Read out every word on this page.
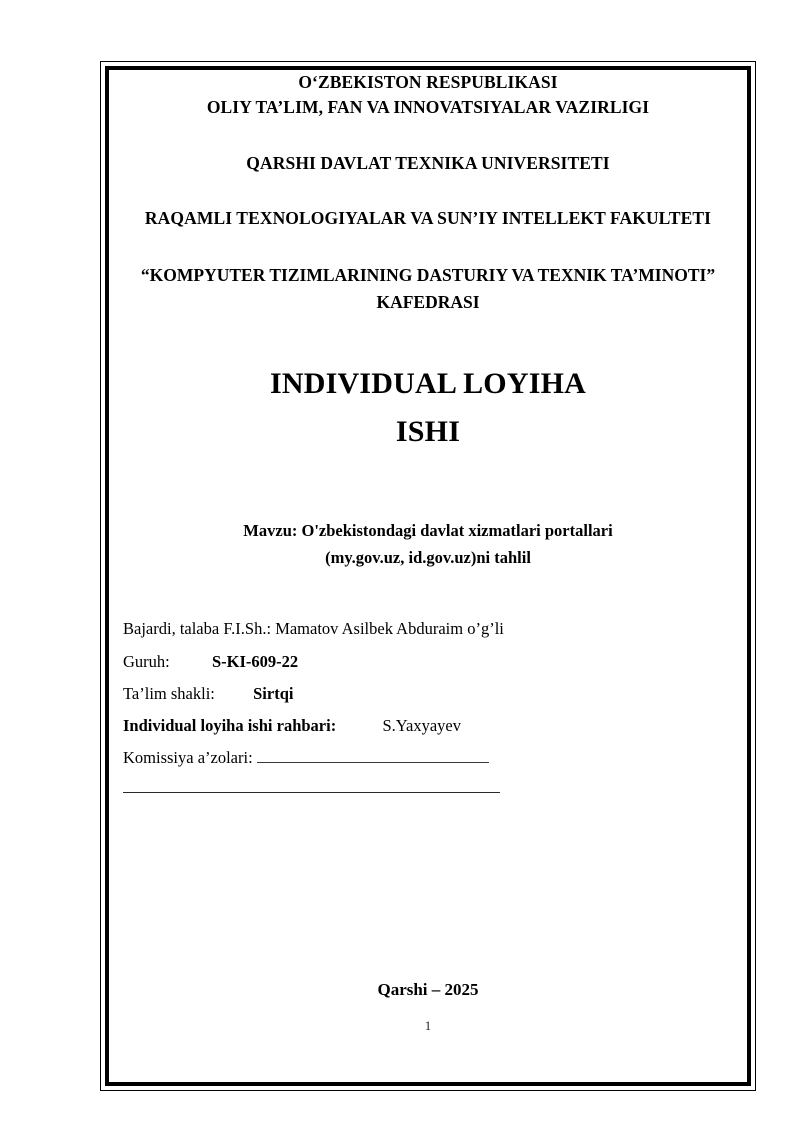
OʻZBEKISTON RESPUBLIKASI
OLIY TA’LIM, FAN VA INNOVATSIYALAR VAZIRLIGI
QARSHI DAVLAT TEXNIKA UNIVERSITETI
RAQAMLI TEXNOLOGIYALAR VA SUN’IY INTELLEKT FAKULTETI
“KOMPYUTER TIZIMLARINING DASTURIY VA TEXNIK TA’MINOTI”
KAFEDRASI
INDIVIDUAL LOYIHA
ISHI
Mavzu: O'zbekistondagi davlat xizmatlari portallari
(my.gov.uz, id.gov.uz)ni tahlil
Bajardi, talaba F.I.Sh.: Mamatov Asilbek Abduraim o’g’li
Guruh:	S-KI-609-22
Ta’lim shakli: Sirtqi
Individual loyiha ishi rahbari:	S.Yaxyayev
Komissiya a’zolari:
Qarshi – 2025
1
